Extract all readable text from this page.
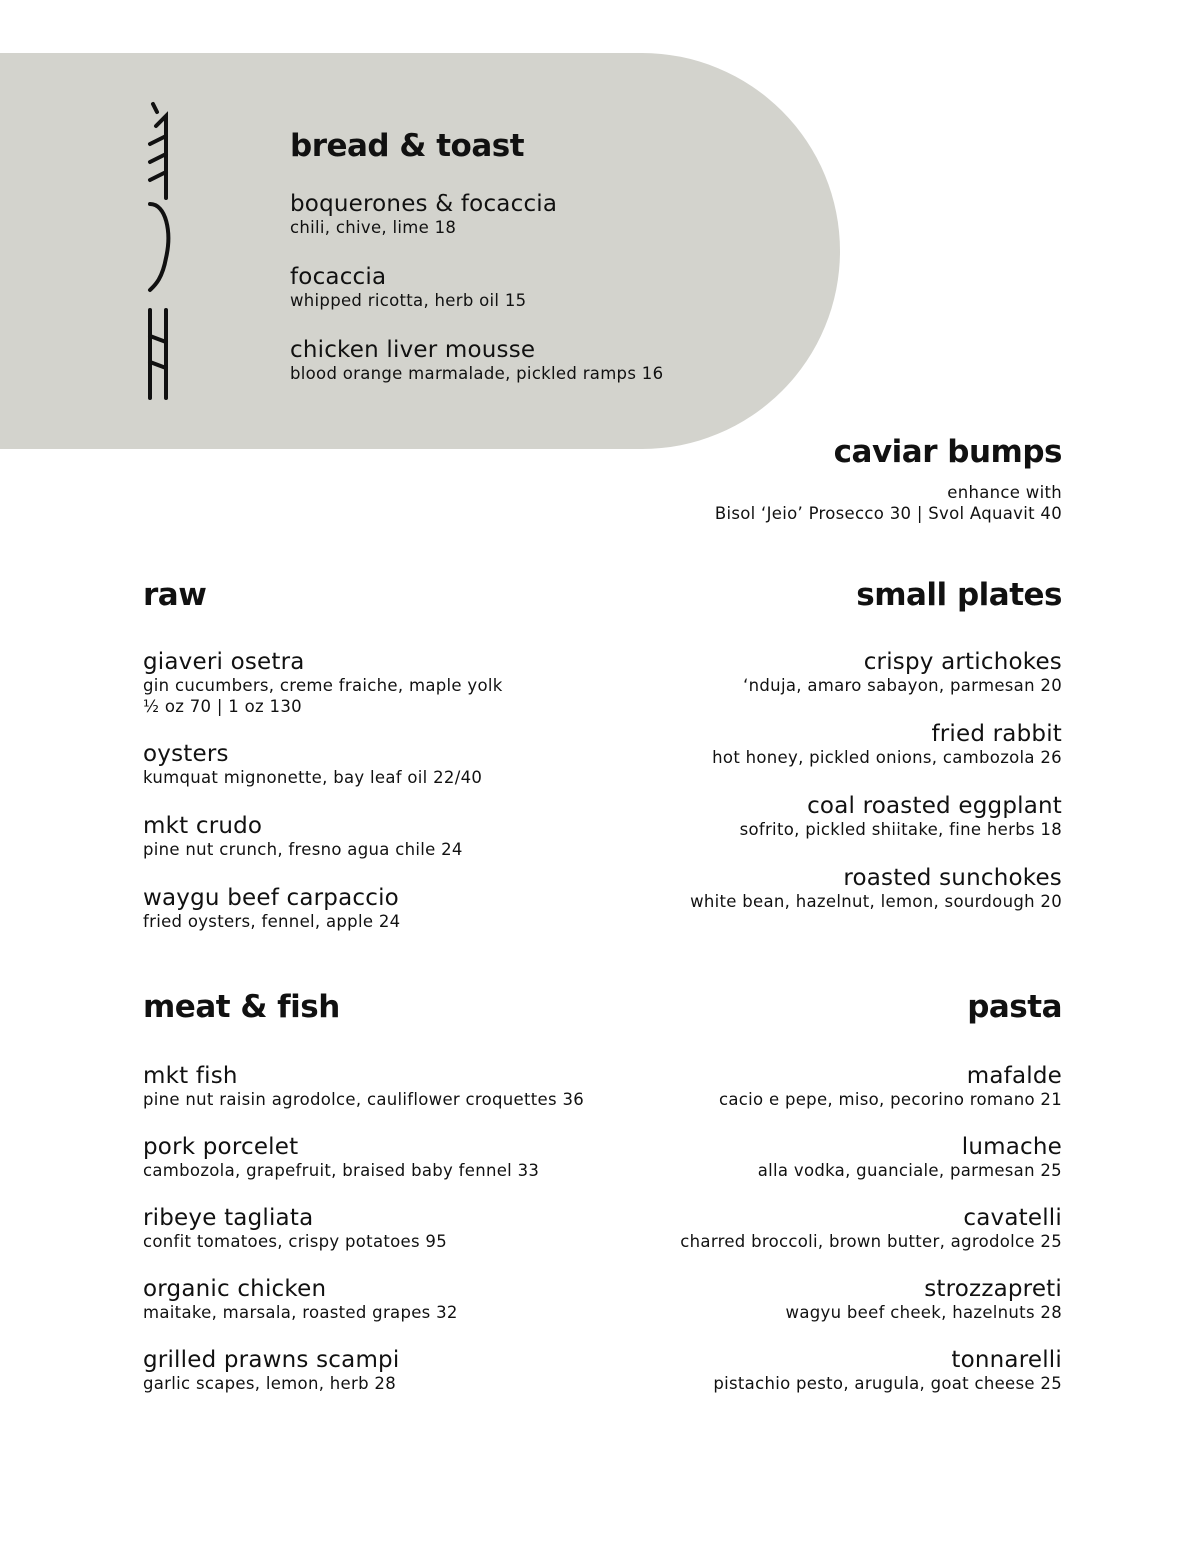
bread & toast
boquerones & focaccia
chili, chive, lime 18
focaccia
whipped ricotta, herb oil 15
chicken liver mousse
blood orange marmalade, pickled ramps 16
caviar bumps
enhance with
Bisol ‘Jeio’ Prosecco 30 | Svol Aquavit 40
raw
giaveri osetra
gin cucumbers, creme fraiche, maple yolk
½ oz 70 | 1 oz 130
oysters
kumquat mignonette, bay leaf oil 22/40
mkt crudo
pine nut crunch, fresno agua chile 24
waygu beef carpaccio
fried oysters, fennel, apple 24
small plates
crispy artichokes
‘nduja, amaro sabayon, parmesan 20
fried rabbit
hot honey, pickled onions, cambozola 26
coal roasted eggplant
sofrito, pickled shiitake, fine herbs 18
roasted sunchokes
white bean, hazelnut, lemon, sourdough 20
meat & fish
mkt fish
pine nut raisin agrodolce, cauliflower croquettes 36
pork porcelet
cambozola, grapefruit, braised baby fennel 33
ribeye tagliata
confit tomatoes, crispy potatoes 95
organic chicken
maitake, marsala, roasted grapes 32
grilled prawns scampi
garlic scapes, lemon, herb 28
pasta
mafalde
cacio e pepe, miso, pecorino romano 21
lumache
alla vodka, guanciale, parmesan 25
cavatelli
charred broccoli, brown butter, agrodolce 25
strozzapreti
wagyu beef cheek, hazelnuts 28
tonnarelli
pistachio pesto, arugula, goat cheese 25
